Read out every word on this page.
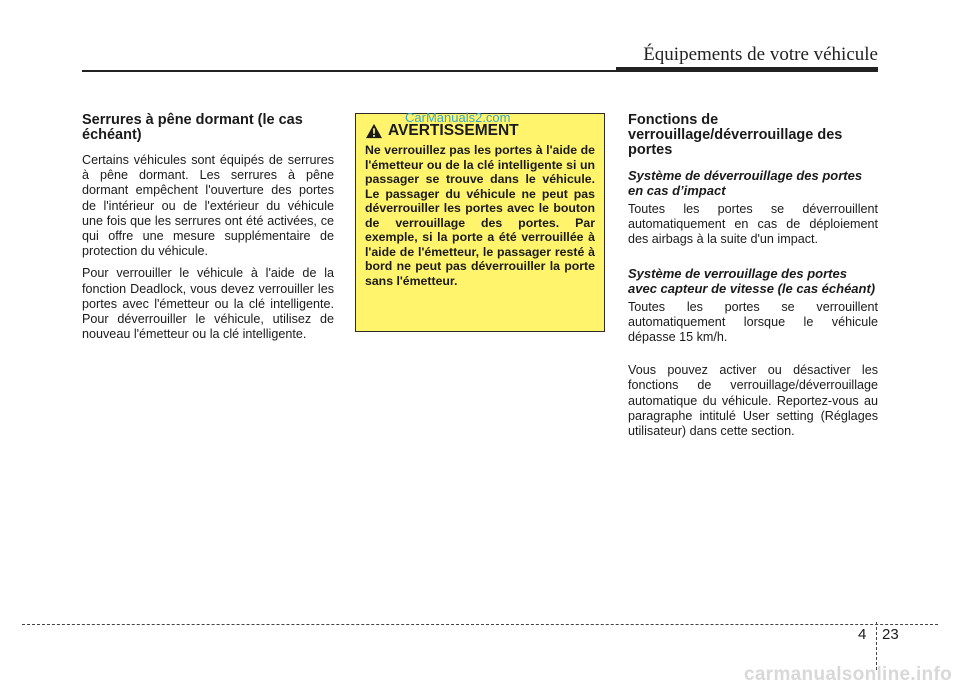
Équipements de votre véhicule
Serrures à pêne dormant (le cas échéant)

Certains véhicules sont équipés de serrures à pêne dormant. Les serrures à pêne dormant empêchent l'ouverture des portes de l'intérieur ou de l'extérieur du véhicule une fois que les serrures ont été activées, ce qui offre une mesure supplémentaire de protection du véhicule.

Pour verrouiller le véhicule à l'aide de la fonction Deadlock, vous devez verrouiller les portes avec l'émetteur ou la clé intelligente. Pour déverrouiller le véhicule, utilisez de nouveau l'émetteur ou la clé intelligente.

AVERTISSEMENT

Ne verrouillez pas les portes à l'aide de l'émetteur ou de la clé intelligente si un passager se trouve dans le véhicule. Le passager du véhicule ne peut pas déverrouiller les portes avec le bouton de verrouillage des portes. Par exemple, si la porte a été verrouillée à l'aide de l'émetteur, le passager resté à bord ne peut pas déverrouiller la porte sans l'émetteur.

CarManuals2.com	Fonctions de verrouillage/déverrouillage des portes
Système de déverrouillage des portes en cas d’impact

Toutes les portes se déverrouillent automatiquement en cas de déploiement des airbags à la suite d'un impact.

Système de verrouillage des portes avec capteur de vitesse (le cas échéant)

Toutes les portes se verrouillent automatiquement lorsque le véhicule dépasse 15 km/h.

Vous pouvez activer ou désactiver les fonctions de verrouillage/déverrouillage automatique du véhicule. Reportez-vous au paragraphe intitulé User setting (Réglages utilisateur) dans cette section.

4 23
carmanualsonline.info
